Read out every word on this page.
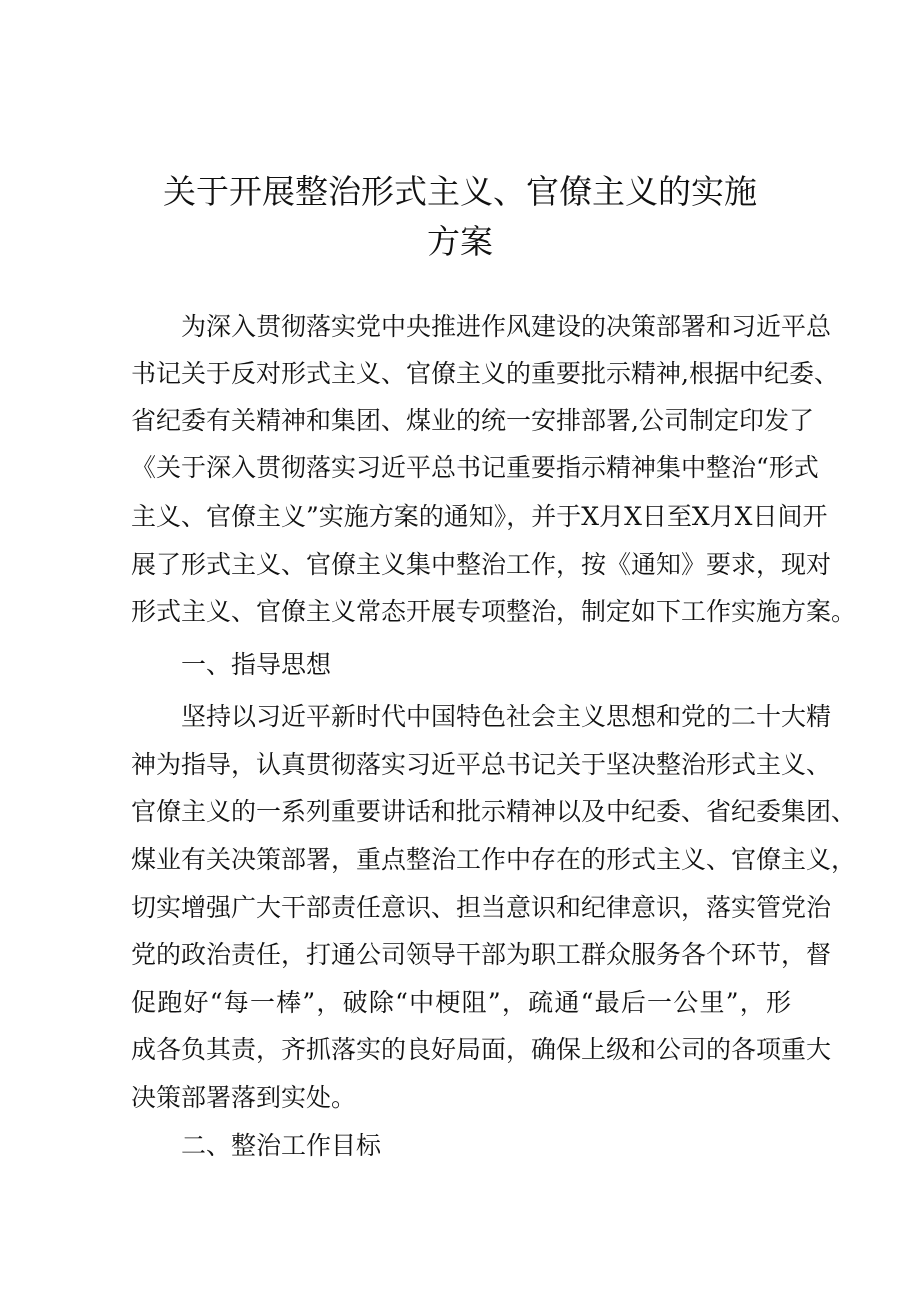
关于开展整治形式主义、官僚主义的实施
方案
为深入贯彻落实党中央推进作风建设的决策部署和习近平总
书记关于反对形式主义、官僚主义的重要批示精神,根据中纪委、
省纪委有关精神和集团、煤业的统一安排部署,公司制定印发了
《关于深入贯彻落实习近平总书记重要指示精神集中整治“形式
主义、官僚主义”实施方案的通知》，并于X月X日至X月X日间开
展了形式主义、官僚主义集中整治工作，按《通知》要求，现对
形式主义、官僚主义常态开展专项整治，制定如下工作实施方案。
一、指导思想
坚持以习近平新时代中国特色社会主义思想和党的二十大精
神为指导，认真贯彻落实习近平总书记关于坚决整治形式主义、
官僚主义的一系列重要讲话和批示精神以及中纪委、省纪委集团、
煤业有关决策部署，重点整治工作中存在的形式主义、官僚主义，
切实增强广大干部责任意识、担当意识和纪律意识，落实管党治
党的政治责任，打通公司领导干部为职工群众服务各个环节，督
促跑好“每一棒”，破除“中梗阻”，疏通“最后一公里”，形
成各负其责，齐抓落实的良好局面，确保上级和公司的各项重大
决策部署落到实处。
二、整治工作目标
